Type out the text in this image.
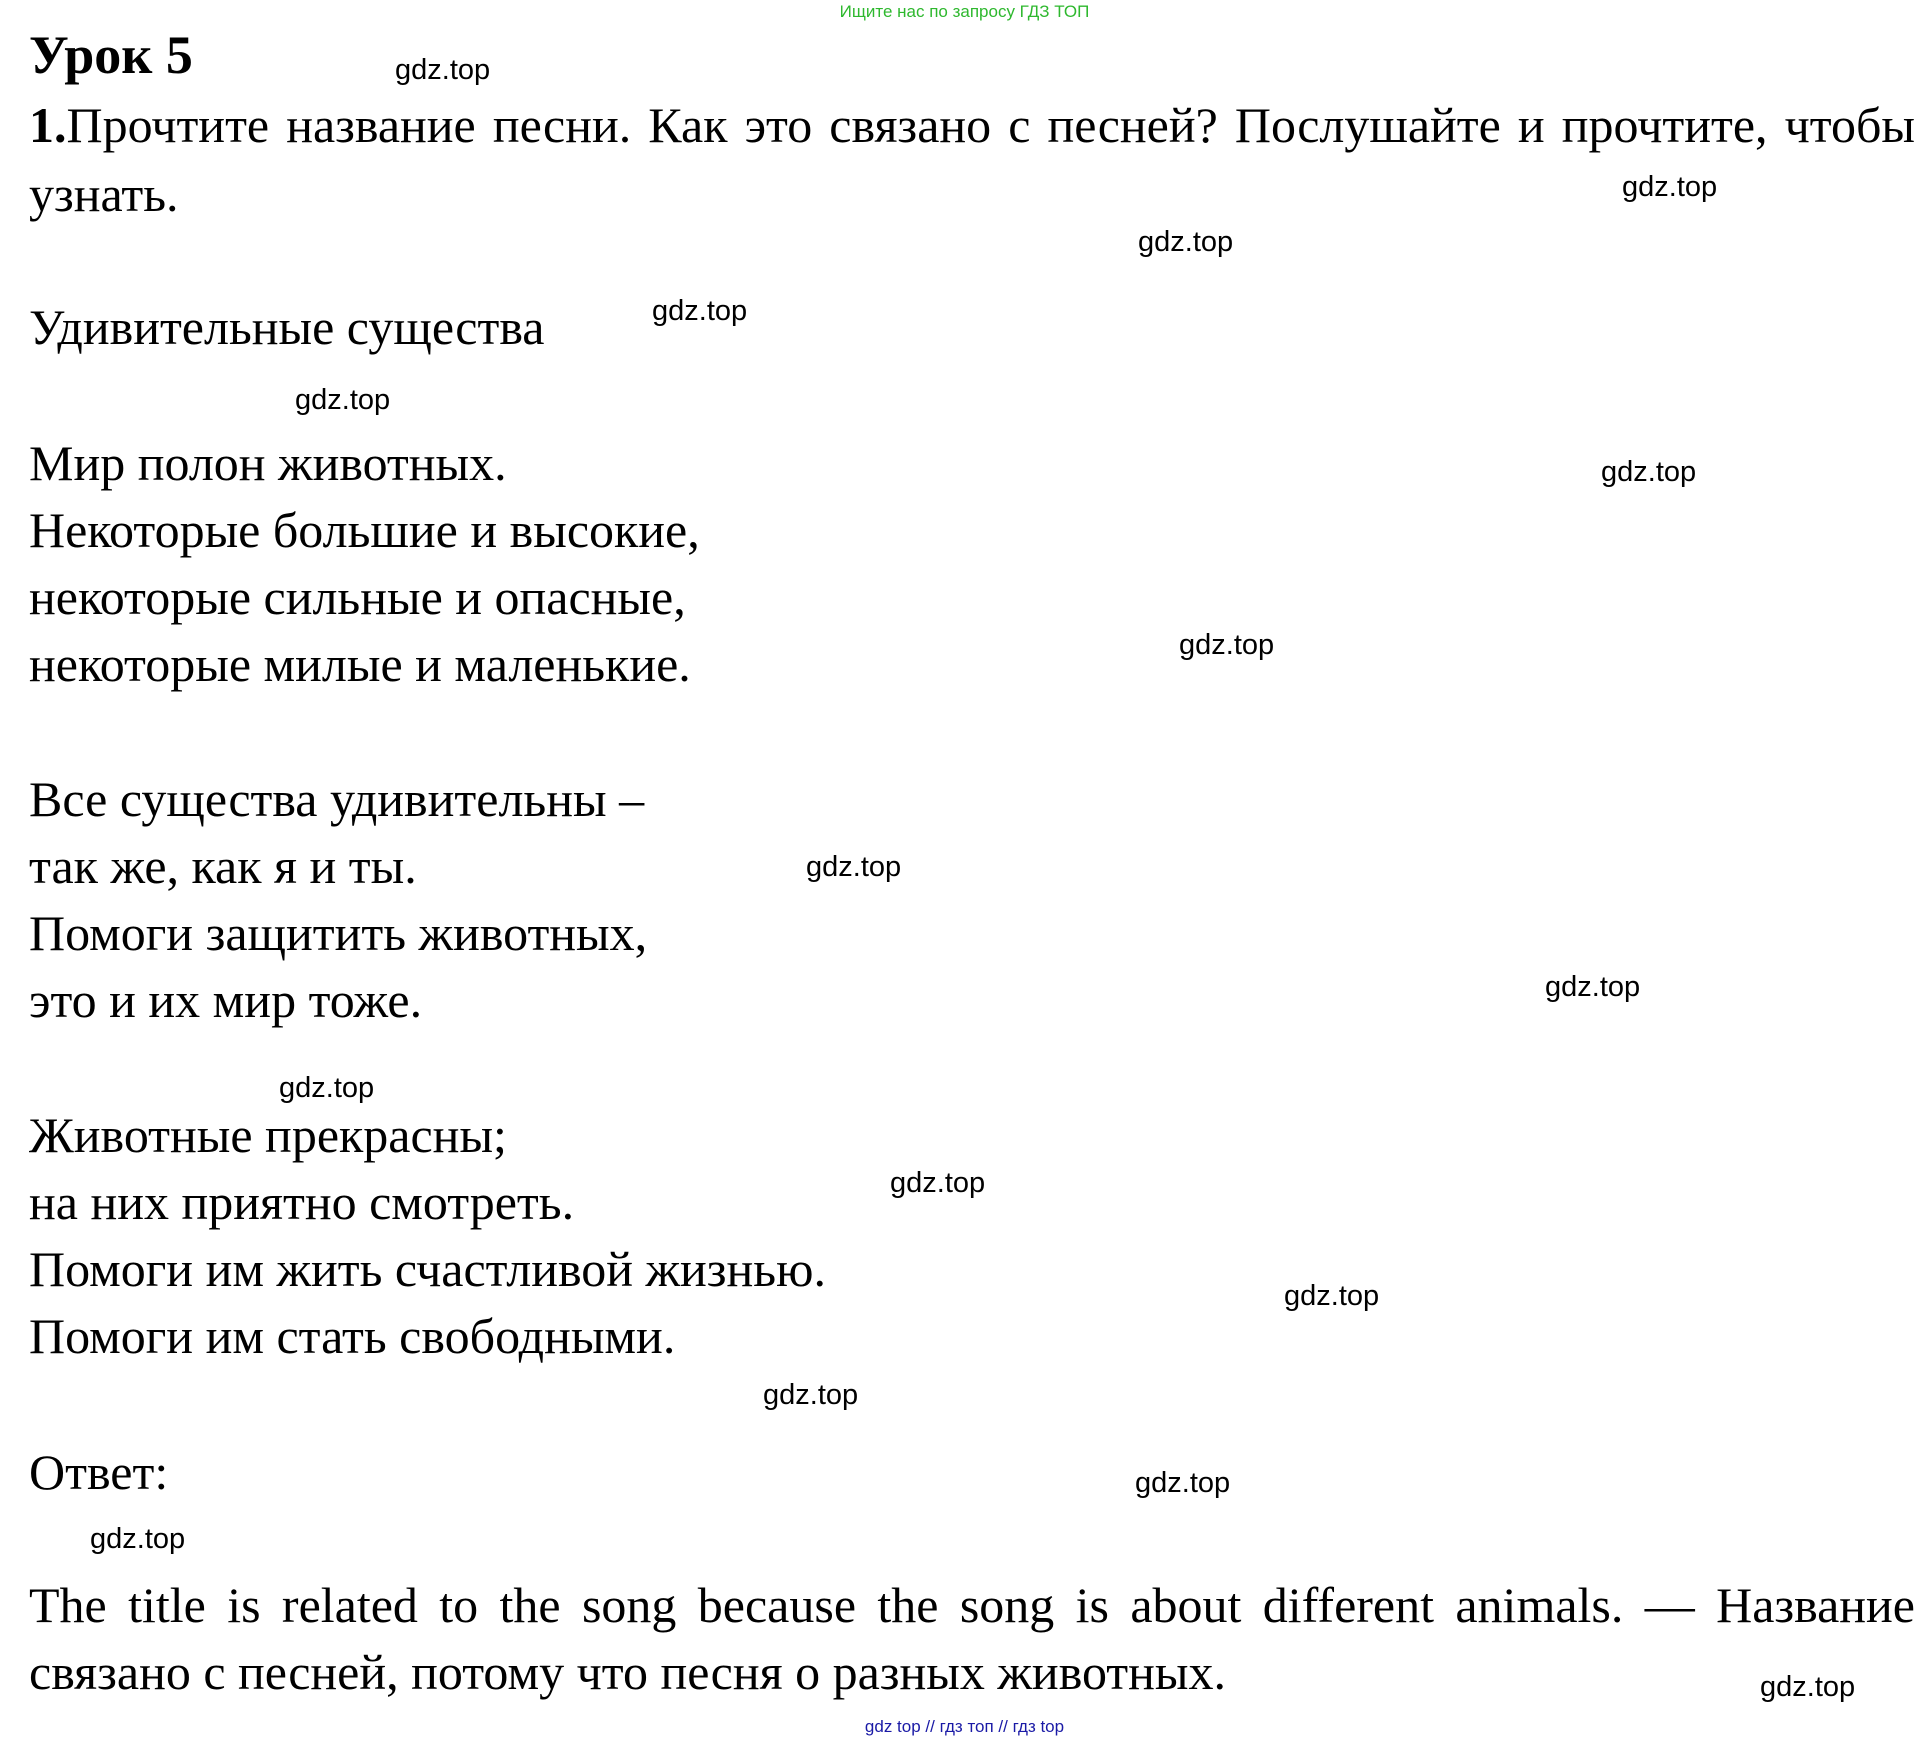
Ищите нас по запросу ГДЗ ТОП
Урок 5
1.Прочтите название песни. Как это связано с песней? Послушайте и прочтите, чтобы узнать.
Удивительные существа
Мир полон животных.
Некоторые большие и высокие,
некоторые сильные и опасные,
некоторые милые и маленькие.
Все существа удивительны –
так же, как я и ты.
Помоги защитить животных,
это и их мир тоже.
Животные прекрасны;
на них приятно смотреть.
Помоги им жить счастливой жизнью.
Помоги им стать свободными.
Ответ:
The title is related to the song because the song is about different animals. — Название связано с песней, потому что песня о разных животных.
gdz.top
gdz.top
gdz.top
gdz.top
gdz.top
gdz.top
gdz.top
gdz.top
gdz.top
gdz.top
gdz.top
gdz.top
gdz.top
gdz.top
gdz.top
gdz.top
gdz top // гдз топ // гдз top
